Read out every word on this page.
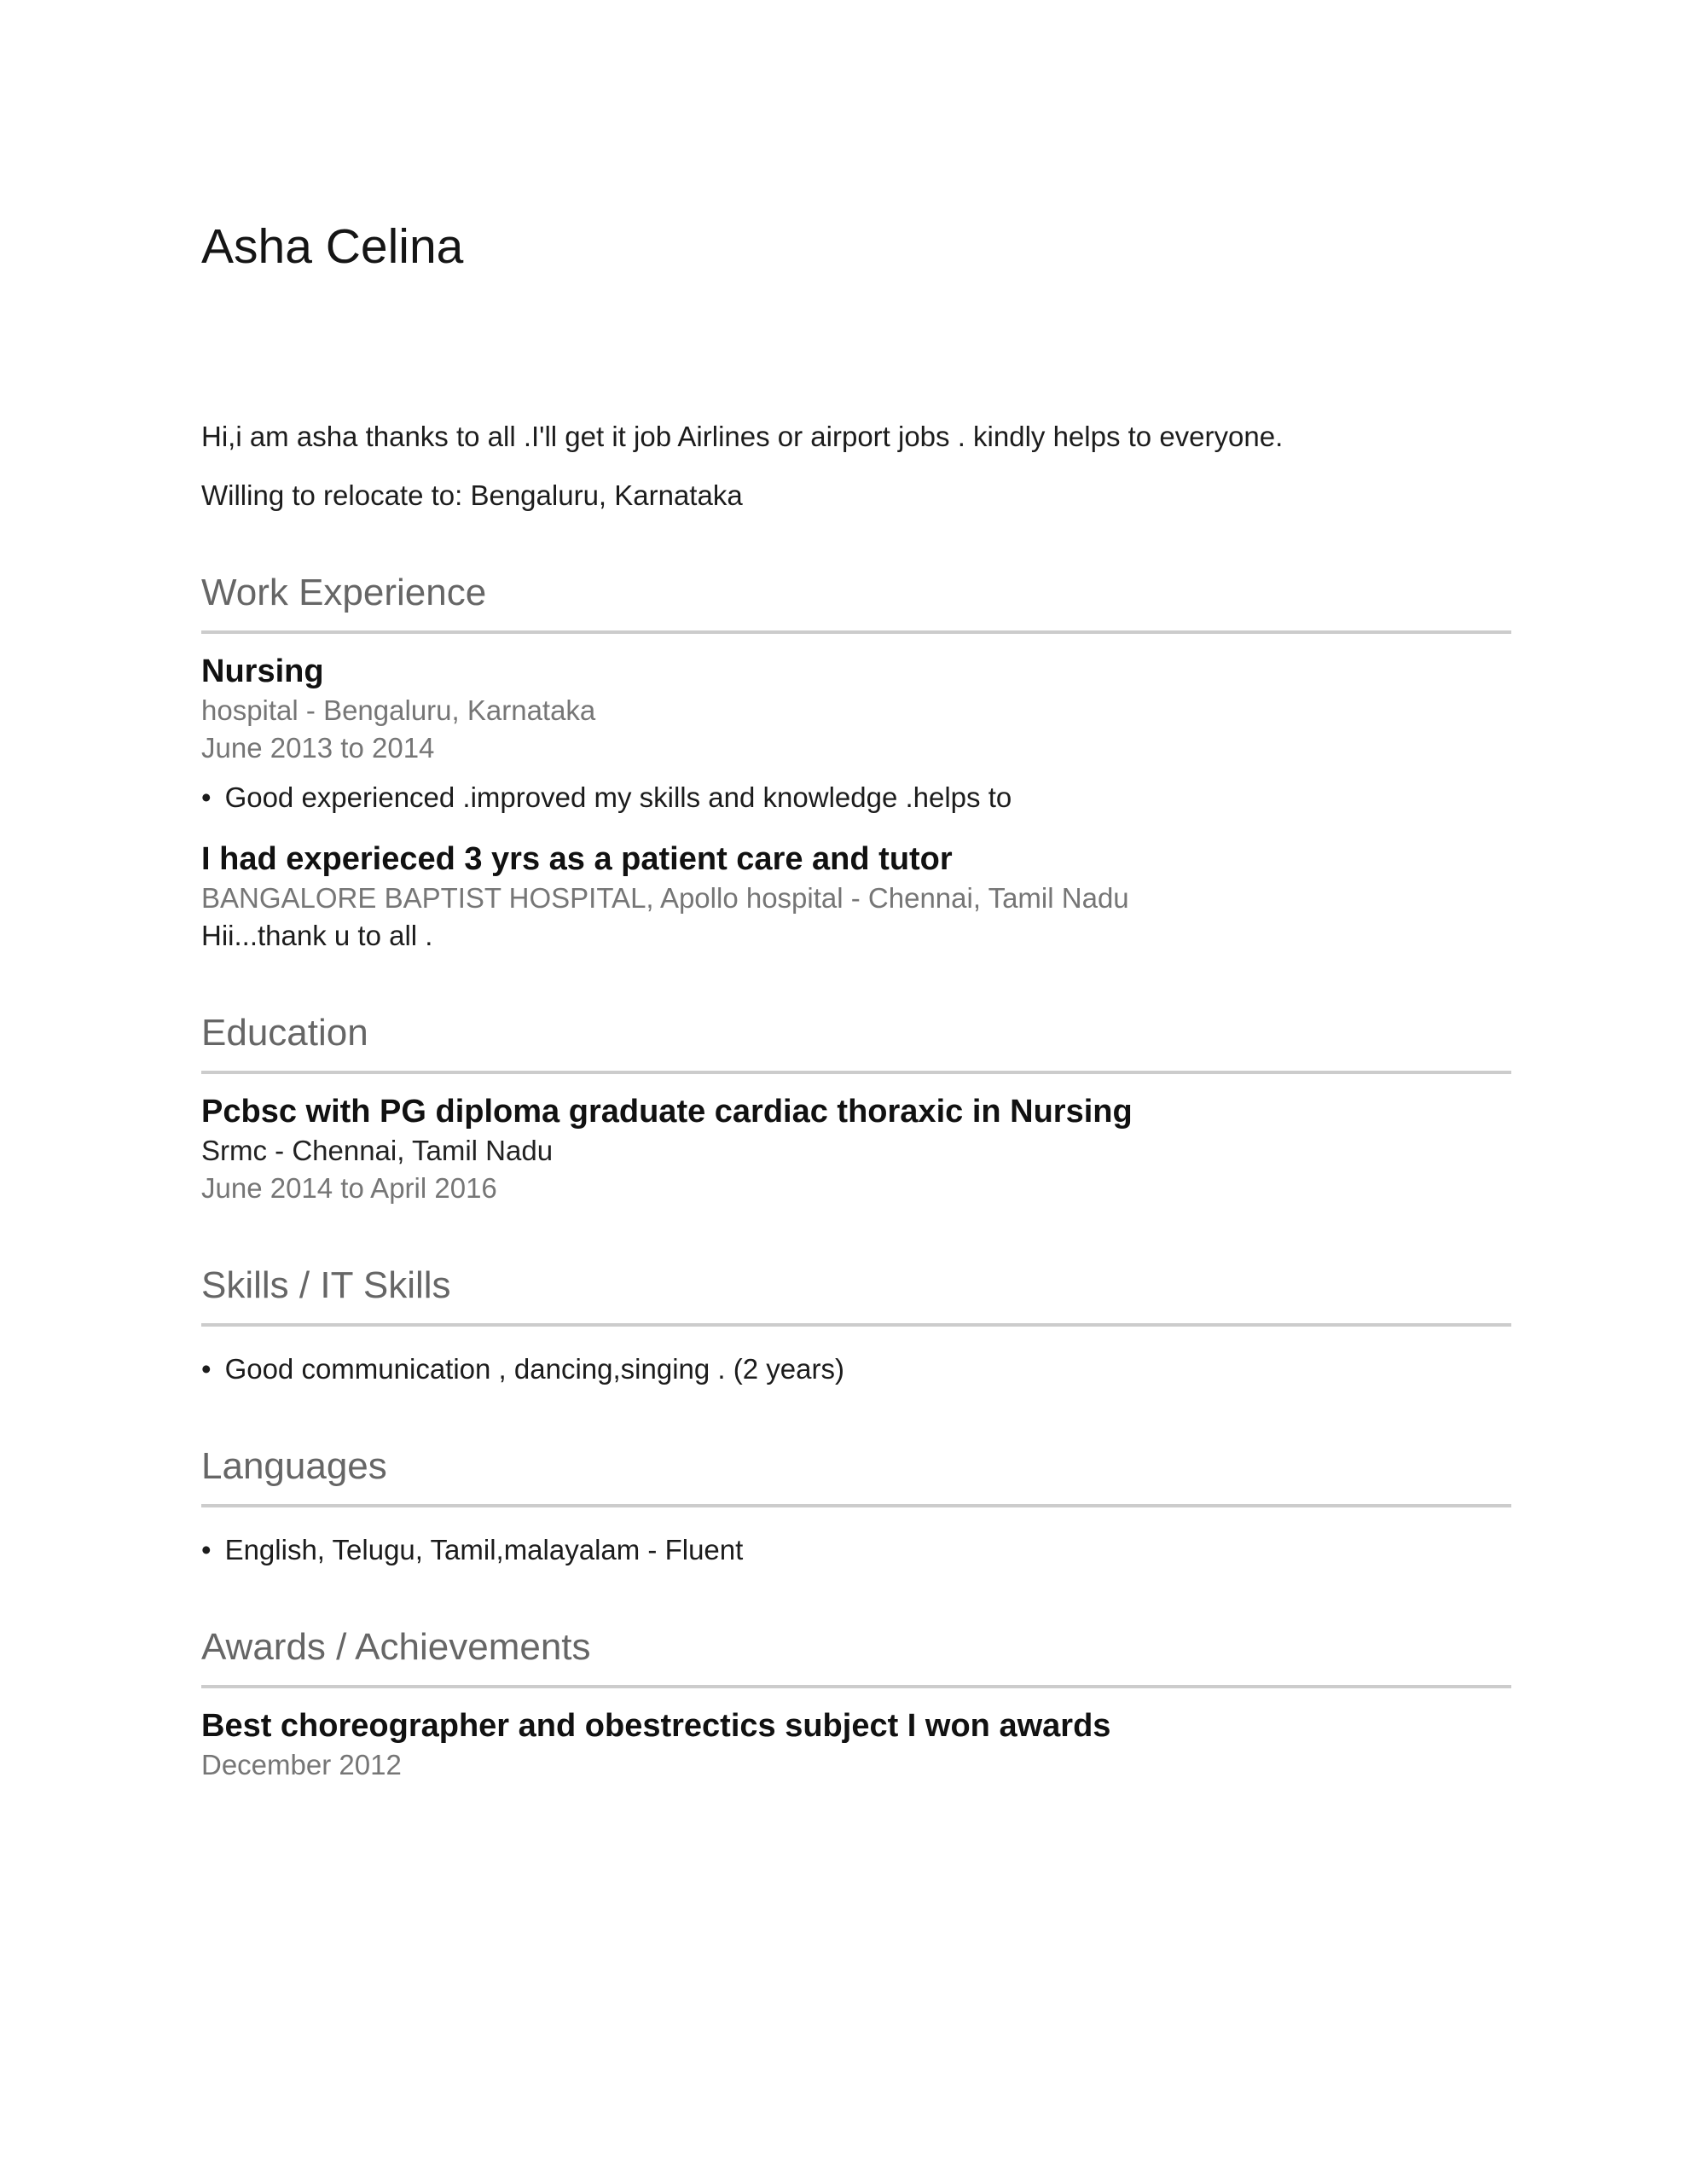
Asha Celina

Hi,i am asha thanks to all .I'll get it job Airlines or airport jobs . kindly helps to everyone.

Willing to relocate to: Bengaluru, Karnataka

Work Experience
Nursing

hospital - Bengaluru, Karnataka

June 2013 to 2014

•Good experienced .improved my skills and knowledge .helps to

I had experieced 3 yrs as a patient care and tutor

BANGALORE BAPTIST HOSPITAL, Apollo hospital - Chennai, Tamil Nadu

Hii...thank u to all .

Education
Pcbsc with PG diploma graduate cardiac thoraxic in Nursing

Srmc - Chennai, Tamil Nadu

June 2014 to April 2016

Skills / IT Skills

•Good communication , dancing,singing . (2 years)

Languages

•English, Telugu, Tamil,malayalam - Fluent

Awards / Achievements
Best choreographer and obestrectics subject I won awards

December 2012
